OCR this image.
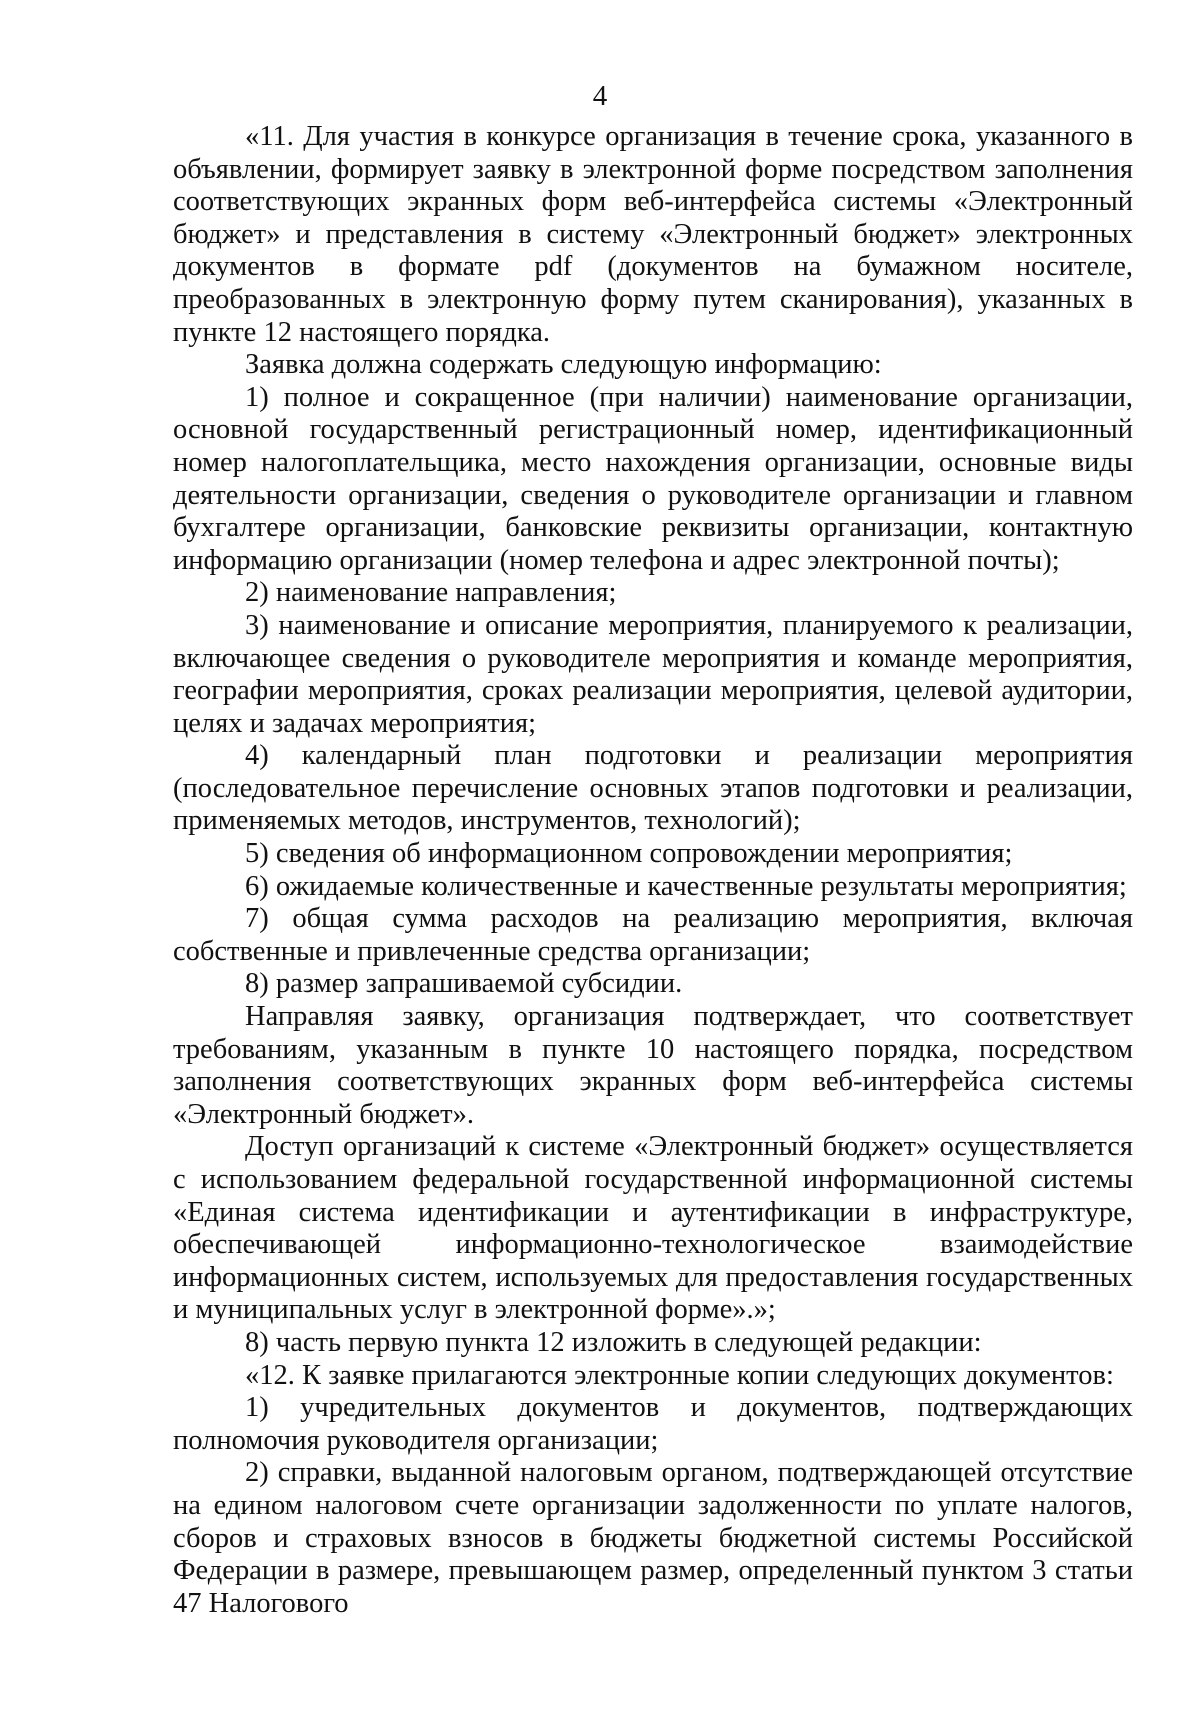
4

«11. Для участия в конкурсе организация в течение срока, указанного в объявлении, формирует заявку в электронной форме посредством заполнения соответствующих экранных форм веб-интерфейса системы «Электронный бюджет» и представления в систему «Электронный бюджет» электронных документов в формате pdf (документов на бумажном носителе, преобразованных в электронную форму путем сканирования), указанных в пункте 12 настоящего порядка.

Заявка должна содержать следующую информацию:

1) полное и сокращенное (при наличии) наименование организации, основной государственный регистрационный номер, идентификационный номер налогоплательщика, место нахождения организации, основные виды деятельности организации, сведения о руководителе организации и главном бухгалтере организации, банковские реквизиты организации, контактную информацию организации (номер телефона и адрес электронной почты);

2) наименование направления;

3) наименование и описание мероприятия, планируемого к реализации, включающее сведения о руководителе мероприятия и команде мероприятия, географии мероприятия, сроках реализации мероприятия, целевой аудитории, целях и задачах мероприятия;

4) календарный план подготовки и реализации мероприятия (последовательное перечисление основных этапов подготовки и реализации, применяемых методов, инструментов, технологий);

5) сведения об информационном сопровождении мероприятия;

6) ожидаемые количественные и качественные результаты мероприятия;

7) общая сумма расходов на реализацию мероприятия, включая собственные и привлеченные средства организации;

8) размер запрашиваемой субсидии.

Направляя заявку, организация подтверждает, что соответствует требованиям, указанным в пункте 10 настоящего порядка, посредством заполнения соответствующих экранных форм веб-интерфейса системы «Электронный бюджет».

Доступ организаций к системе «Электронный бюджет» осуществляется с использованием федеральной государственной информационной системы «Единая система идентификации и аутентификации в инфраструктуре, обеспечивающей информационно-технологическое взаимодействие информационных систем, используемых для предоставления государственных и муниципальных услуг в электронной форме».»;

8) часть первую пункта 12 изложить в следующей редакции:

«12. К заявке прилагаются электронные копии следующих документов:

1) учредительных документов и документов, подтверждающих полномочия руководителя организации;

2) справки, выданной налоговым органом, подтверждающей отсутствие на едином налоговом счете организации задолженности по уплате налогов, сборов и страховых взносов в бюджеты бюджетной системы Российской Федерации в размере, превышающем размер, определенный пунктом 3 статьи 47 Налогового
